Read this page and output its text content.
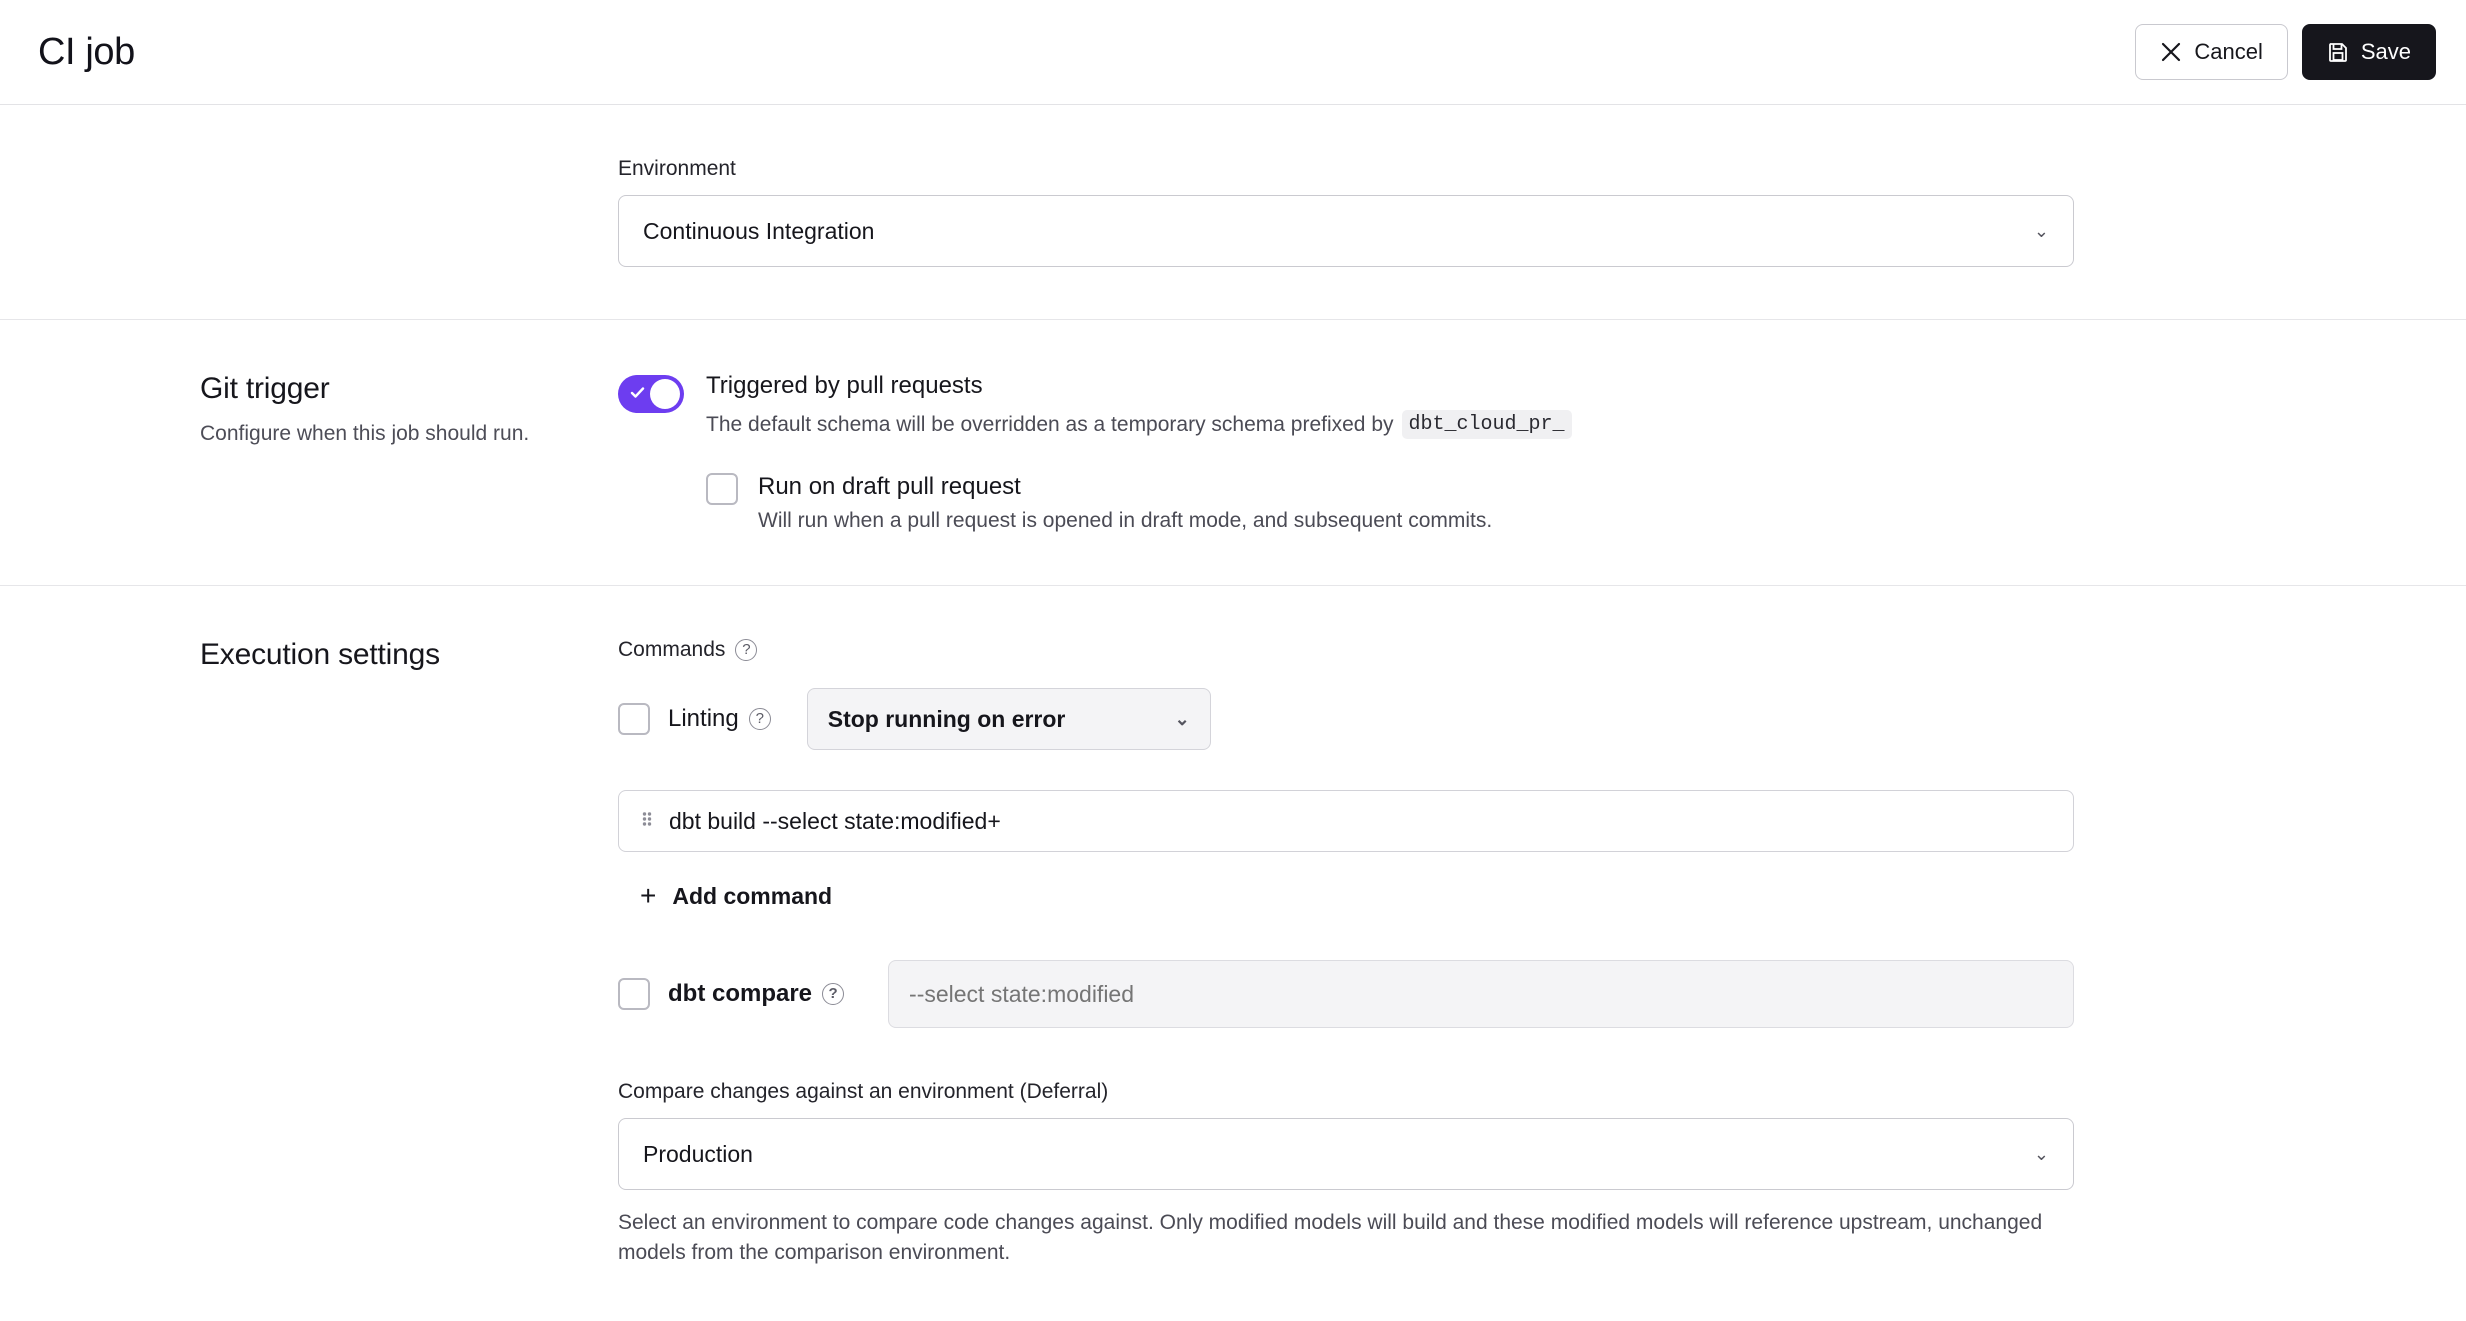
CI job	Cancel	Save
Environment
Continuous Integration	⌄
Git trigger

Configure when this job should run.

Triggered by pull requests
The default schema will be overridden as a temporary schema prefixed by dbt_cloud_pr_
Run on draft pull request
Will run when a pull request is opened in draft mode, and subsequent commits.
Execution settings	Commands	?
Linting	?	Stop running on error	⌄
dbt build --select state:modified+
+ Add command
dbt compare	?
--select state:modified
Compare changes against an environment (Deferral)
Production	⌄
Select an environment to compare code changes against. Only modified models will build and these modified models will reference upstream, unchanged models from the comparison environment.
